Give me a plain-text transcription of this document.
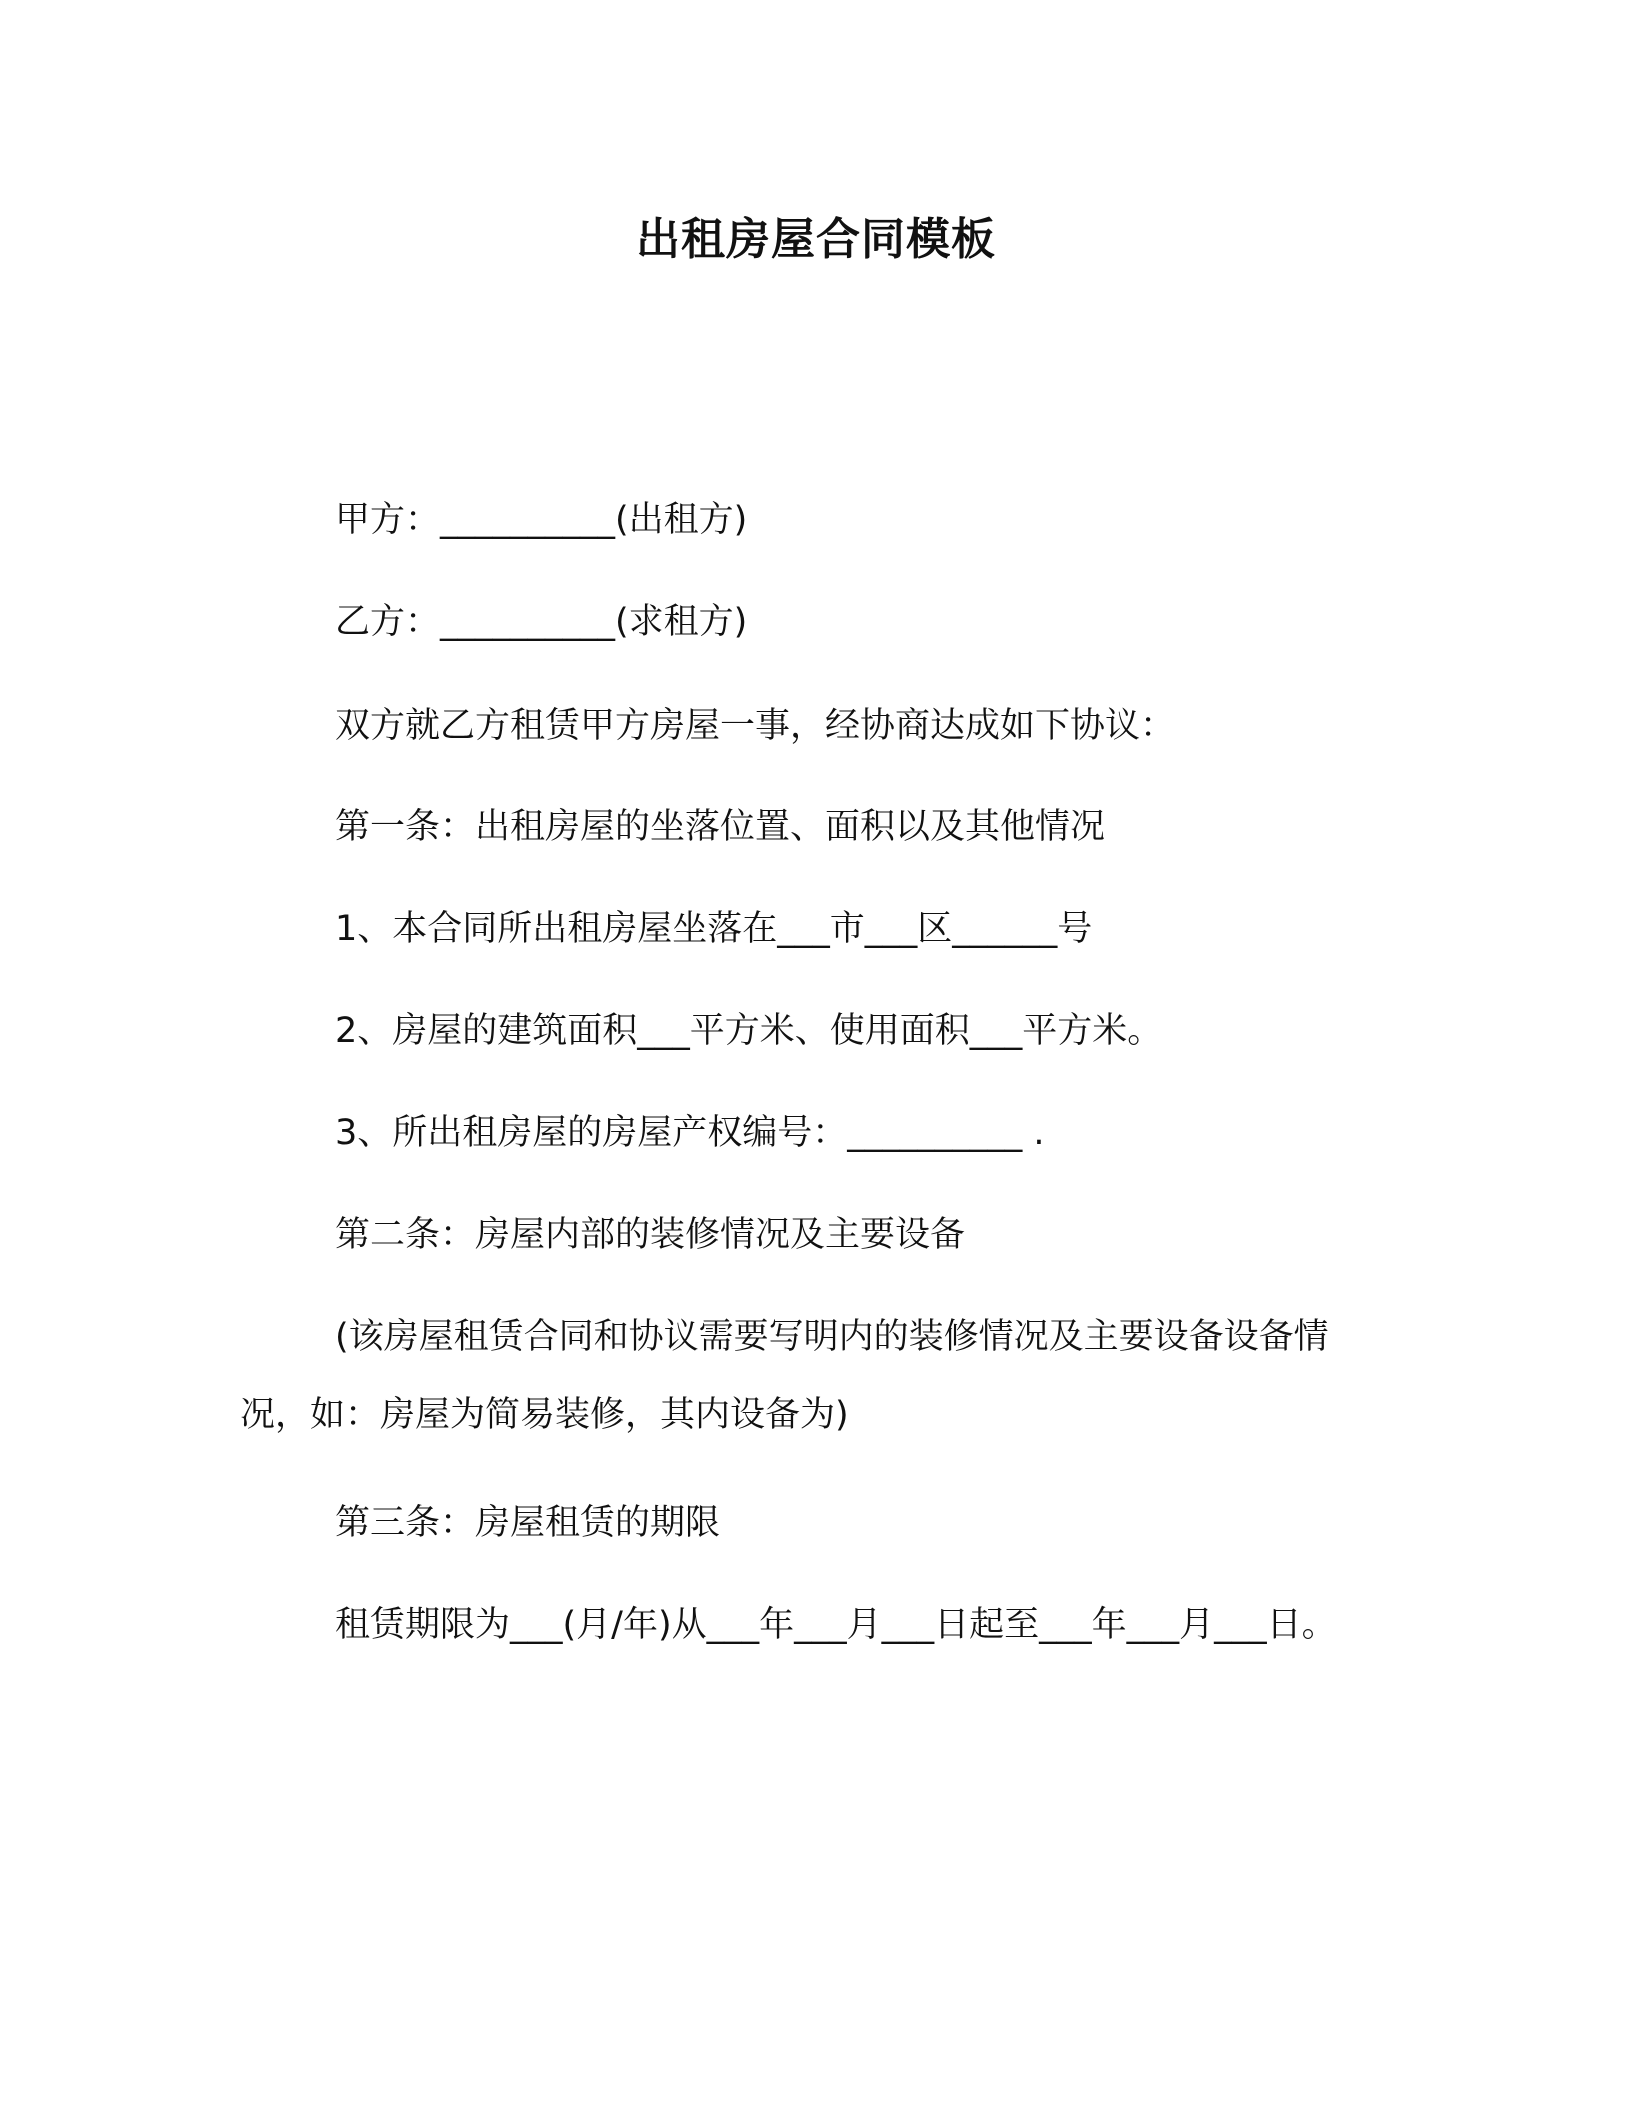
出租房屋合同模板
甲方：__________(出租方)
乙方：__________(求租方)
双方就乙方租赁甲方房屋一事，经协商达成如下协议：
第一条：出租房屋的坐落位置、面积以及其他情况
1、本合同所出租房屋坐落在___市___区______号
2、房屋的建筑面积___平方米、使用面积___平方米。
3、所出租房屋的房屋产权编号：__________ .
第二条：房屋内部的装修情况及主要设备
(该房屋租赁合同和协议需要写明内的装修情况及主要设备设备情况，如：房屋为简易装修，其内设备为)
第三条：房屋租赁的期限
租赁期限为___(月/年)从___年___月___日起至___年___月___日。
